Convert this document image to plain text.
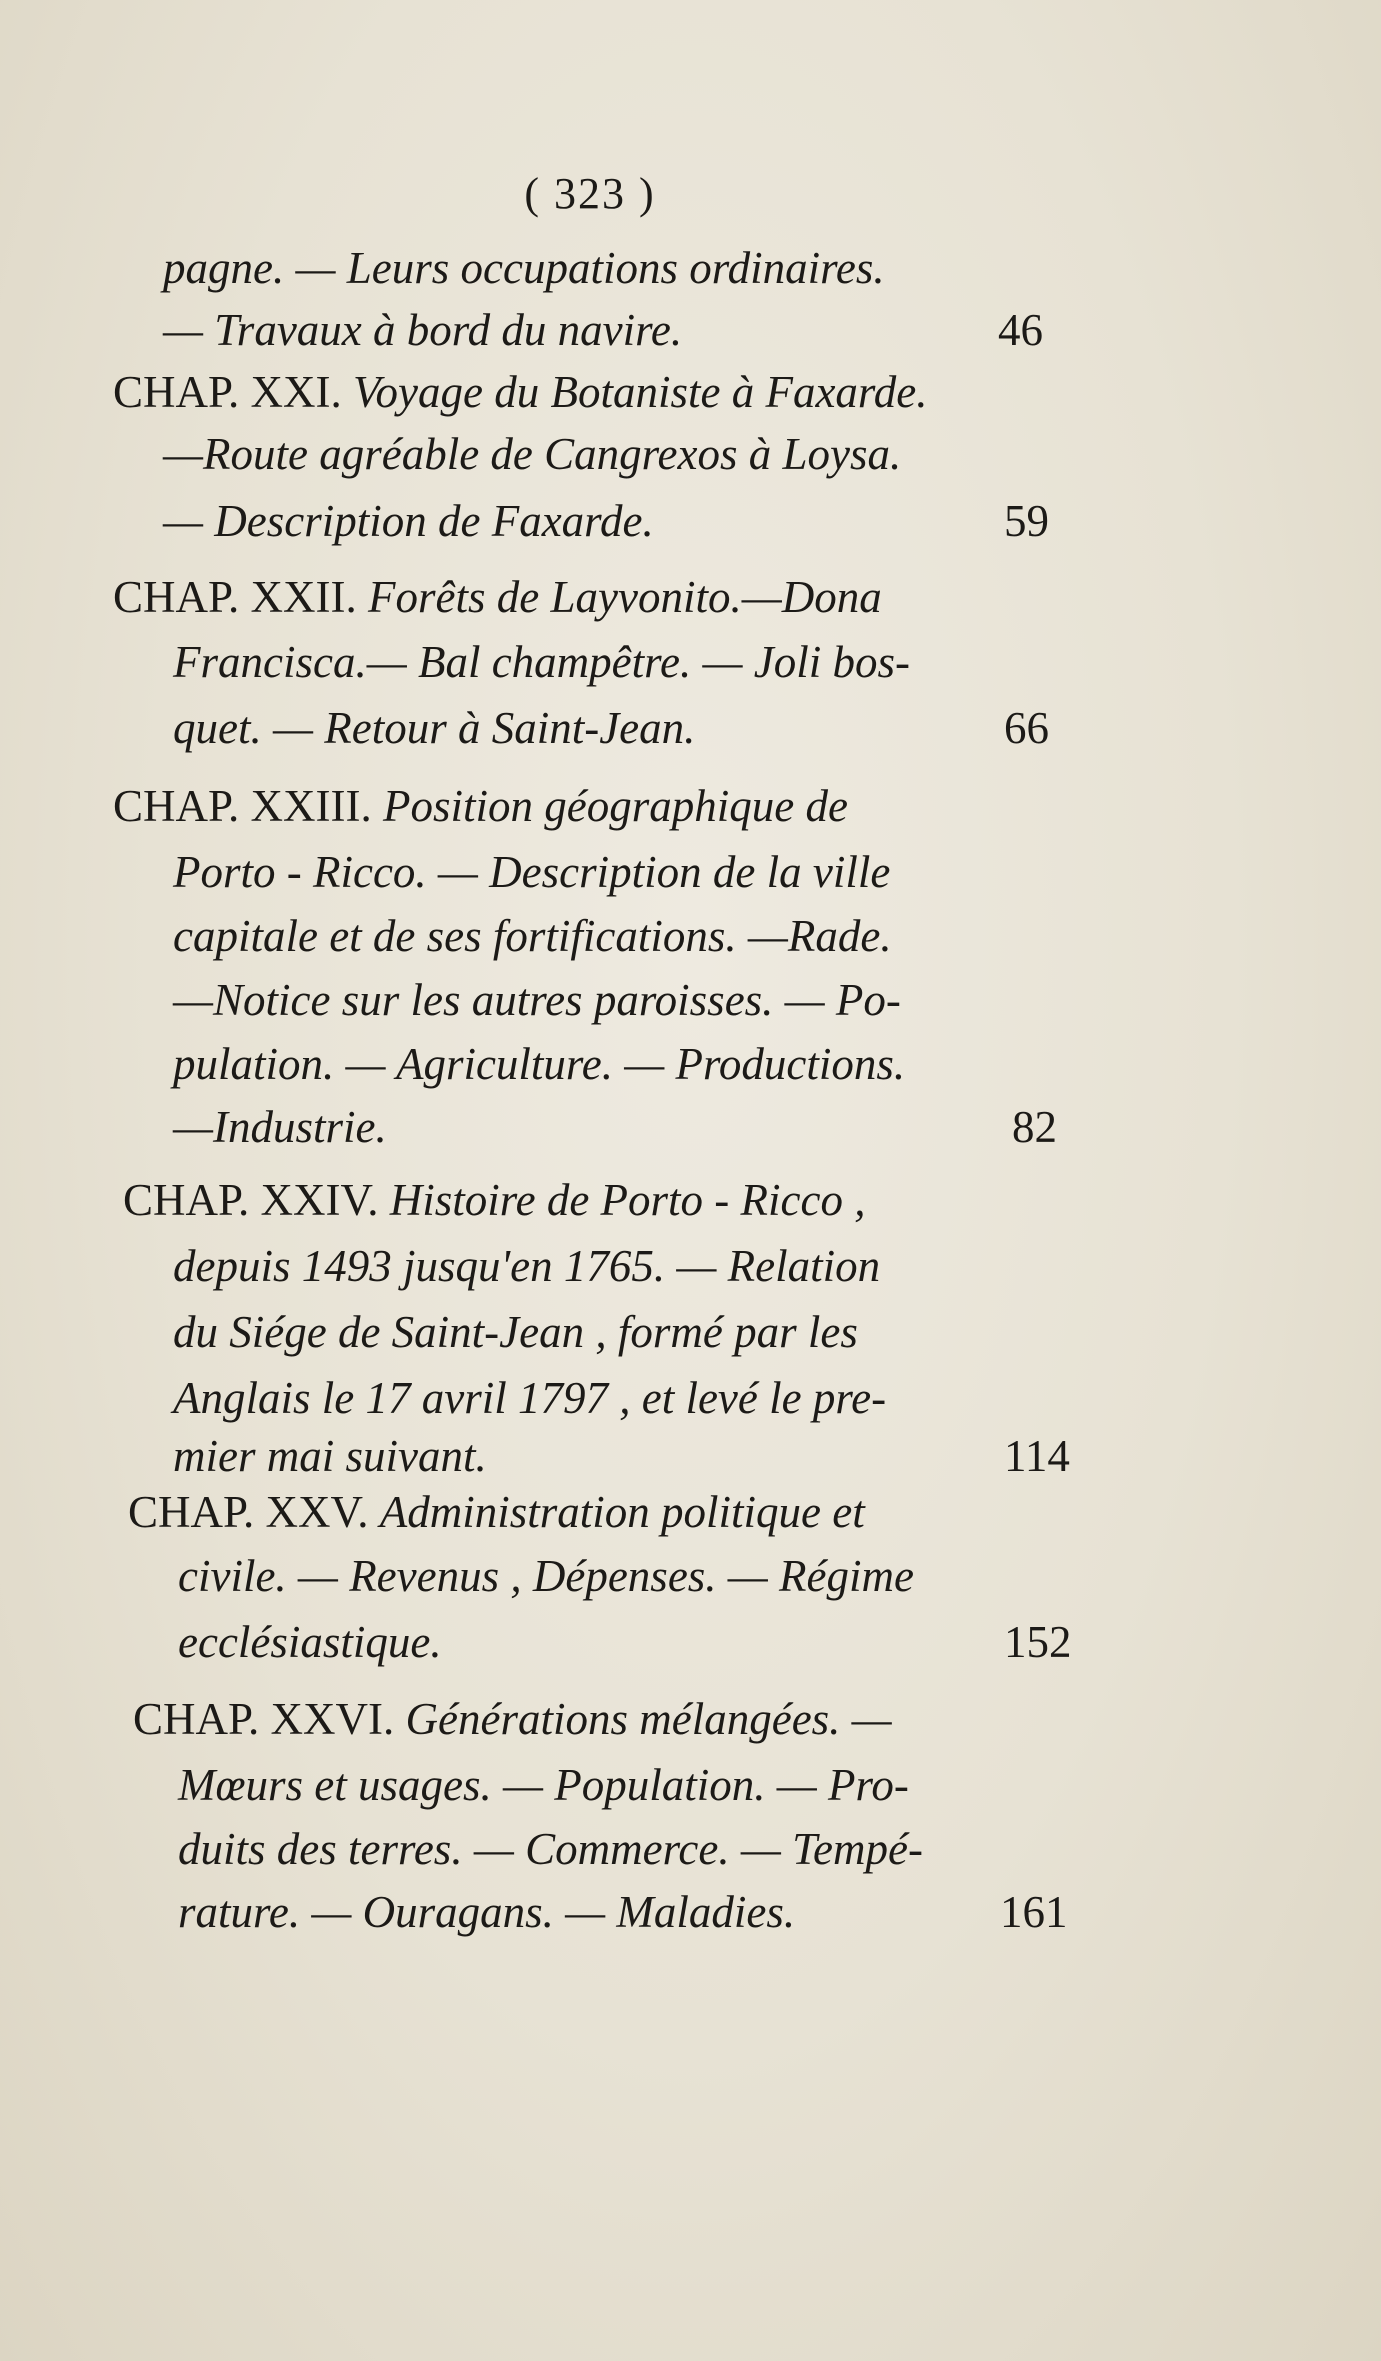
( 323 )
pagne. — Leurs occupations ordinaires.
— Travaux à bord du navire.	46
CHAP. XXI. Voyage du Botaniste à Faxarde.
—Route agréable de Cangrexos à Loysa.
— Description de Faxarde.	59
CHAP. XXII. Forêts de Layvonito.—Dona
Francisca.— Bal champêtre. — Joli bos-
quet. — Retour à Saint-Jean.	66
CHAP. XXIII. Position géographique de
Porto - Ricco. — Description de la ville
capitale et de ses fortifications. —Rade.
—Notice sur les autres paroisses. — Po-
pulation. — Agriculture. — Productions.
—Industrie.	82
CHAP. XXIV. Histoire de Porto - Ricco ,
depuis 1493 jusqu'en 1765. — Relation
du Siége de Saint-Jean , formé par les
Anglais le 17 avril 1797 , et levé le pre-
mier mai suivant.	114
CHAP. XXV. Administration politique et
civile. — Revenus , Dépenses. — Régime
ecclésiastique.	152
CHAP. XXVI. Générations mélangées. —
Mœurs et usages. — Population. — Pro-
duits des terres. — Commerce. — Tempé-
rature. — Ouragans. — Maladies.	161
